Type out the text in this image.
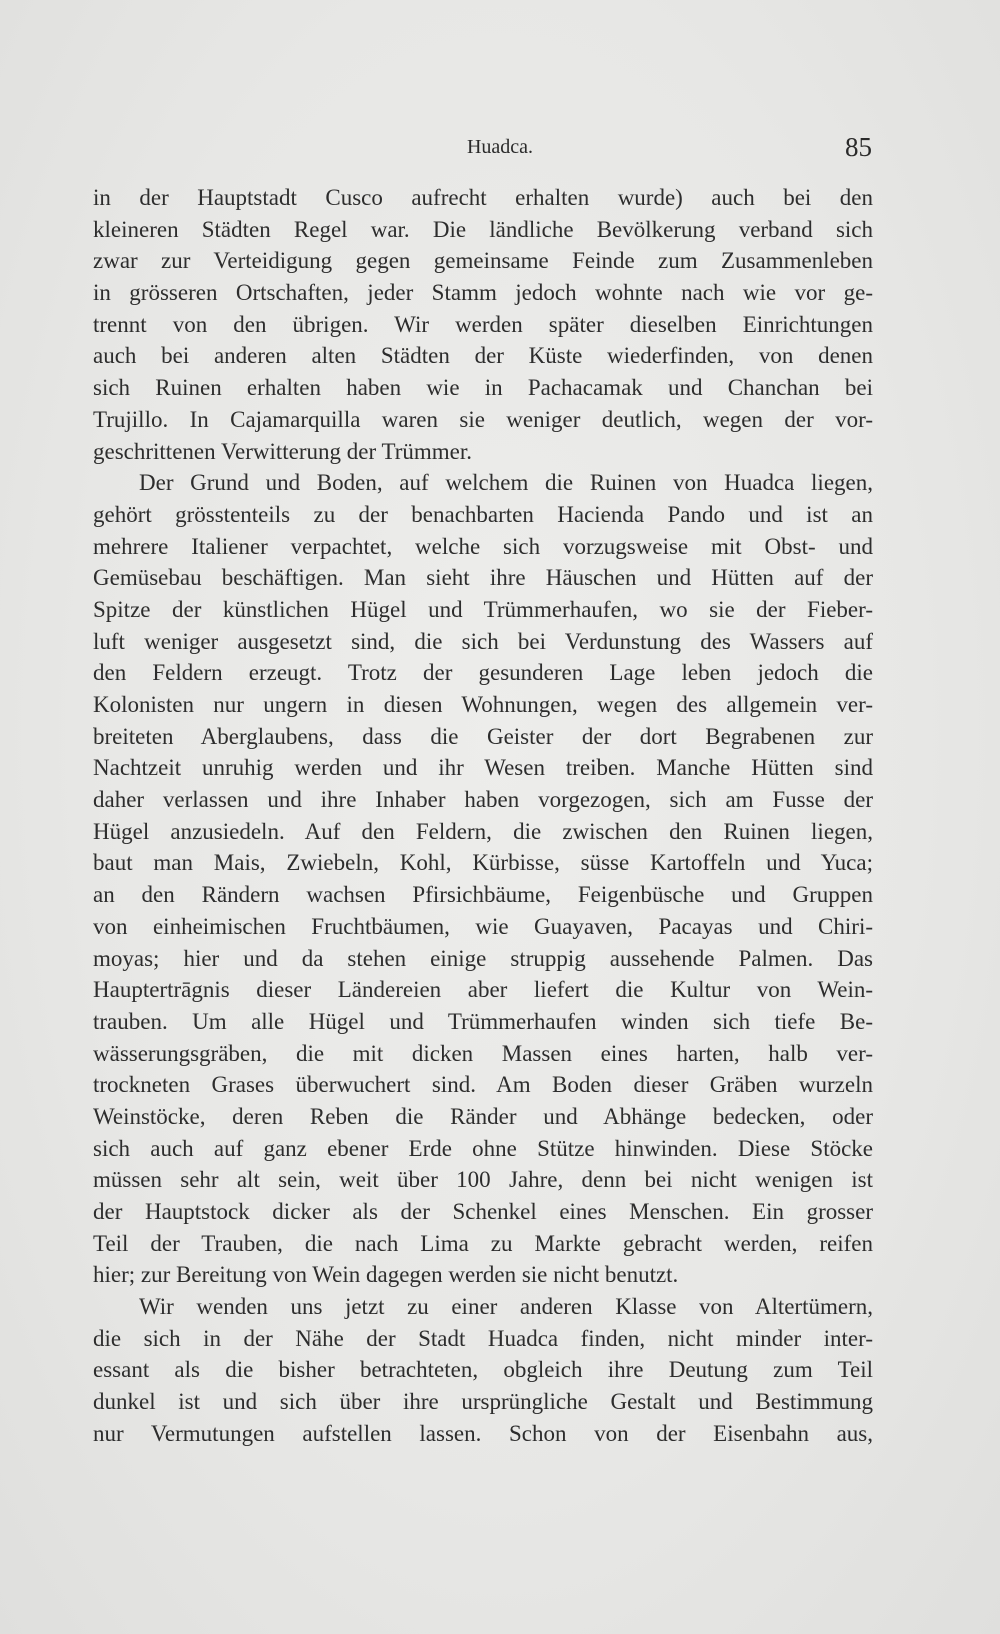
Huadca.	85
in der Hauptstadt Cusco aufrecht erhalten wurde) auch bei den
kleineren Städten Regel war. Die ländliche Bevölkerung verband sich
zwar zur Verteidigung gegen gemeinsame Feinde zum Zusammenleben
in grösseren Ortschaften, jeder Stamm jedoch wohnte nach wie vor ge-
trennt von den übrigen. Wir werden später dieselben Einrichtungen
auch bei anderen alten Städten der Küste wiederfinden, von denen
sich Ruinen erhalten haben wie in Pachacamak und Chanchan bei
Trujillo. In Cajamarquilla waren sie weniger deutlich, wegen der vor-
geschrittenen Verwitterung der Trümmer.
Der Grund und Boden, auf welchem die Ruinen von Huadca liegen,
gehört grösstenteils zu der benachbarten Hacienda Pando und ist an
mehrere Italiener verpachtet, welche sich vorzugsweise mit Obst- und
Gemüsebau beschäftigen. Man sieht ihre Häuschen und Hütten auf der
Spitze der künstlichen Hügel und Trümmerhaufen, wo sie der Fieber-
luft weniger ausgesetzt sind, die sich bei Verdunstung des Wassers auf
den Feldern erzeugt. Trotz der gesunderen Lage leben jedoch die
Kolonisten nur ungern in diesen Wohnungen, wegen des allgemein ver-
breiteten Aberglaubens, dass die Geister der dort Begrabenen zur
Nachtzeit unruhig werden und ihr Wesen treiben. Manche Hütten sind
daher verlassen und ihre Inhaber haben vorgezogen, sich am Fusse der
Hügel anzusiedeln. Auf den Feldern, die zwischen den Ruinen liegen,
baut man Mais, Zwiebeln, Kohl, Kürbisse, süsse Kartoffeln und Yuca;
an den Rändern wachsen Pfirsichbäume, Feigenbüsche und Gruppen
von einheimischen Fruchtbäumen, wie Guayaven, Pacayas und Chiri-
moyas; hier und da stehen einige struppig aussehende Palmen. Das
Hauptertrāgnis dieser Ländereien aber liefert die Kultur von Wein-
trauben. Um alle Hügel und Trümmerhaufen winden sich tiefe Be-
wässerungsgräben, die mit dicken Massen eines harten, halb ver-
trockneten Grases überwuchert sind. Am Boden dieser Gräben wurzeln
Weinstöcke, deren Reben die Ränder und Abhänge bedecken, oder
sich auch auf ganz ebener Erde ohne Stütze hinwinden. Diese Stöcke
müssen sehr alt sein, weit über 100 Jahre, denn bei nicht wenigen ist
der Hauptstock dicker als der Schenkel eines Menschen. Ein grosser
Teil der Trauben, die nach Lima zu Markte gebracht werden, reifen
hier; zur Bereitung von Wein dagegen werden sie nicht benutzt.
Wir wenden uns jetzt zu einer anderen Klasse von Altertümern,
die sich in der Nähe der Stadt Huadca finden, nicht minder inter-
essant als die bisher betrachteten, obgleich ihre Deutung zum Teil
dunkel ist und sich über ihre ursprüngliche Gestalt und Bestimmung
nur Vermutungen aufstellen lassen. Schon von der Eisenbahn aus,
